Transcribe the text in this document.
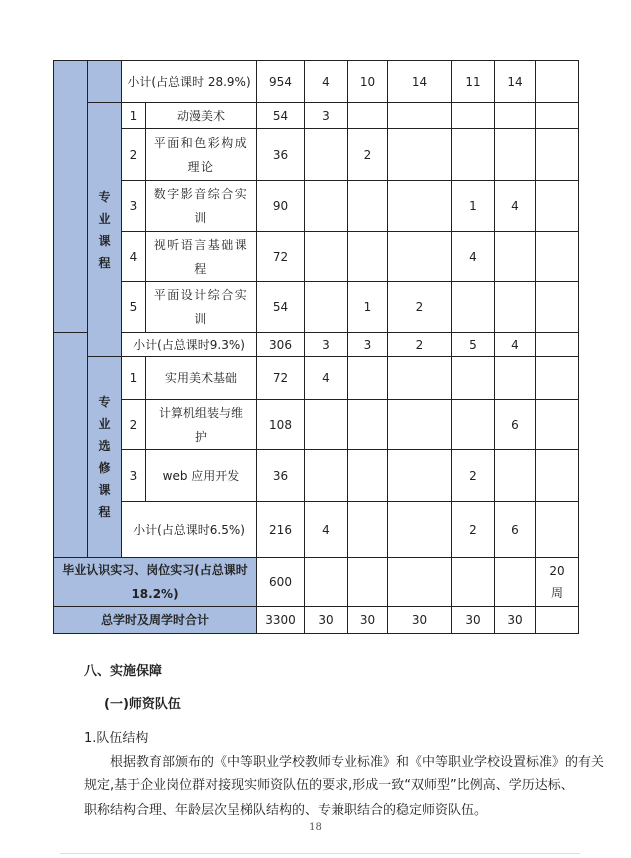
		小计(占总课时 28.9%)		954	4	10	14	11	14	
	专业课程	1	动漫美术	54	3					
		2	平面和色彩构成理论	36		2				
		3	数字影音综合实训	90				1	4	
		4	视听语言基础课程	72				4		
		5	平面设计综合实训	54		1	2			
		小计(占总课时9.3%)		306	3	3	2	5	4	
	专业选修课程	1	实用美术基础	72	4					
		2	计算机组装与维护	108					6	
		3	web 应用开发	36				2		
		小计(占总课时6.5%)		216	4			2	6	
毕业认识实习、岗位实习(占总课时 18.2%)				600						20周
总学时及周学时合计				3300	30	30	30	30	30	
八、实施保障
(一)师资队伍
1.队伍结构
根据教育部颁布的《中等职业学校教师专业标准》和《中等职业学校设置标准》的有关
规定,基于企业岗位群对接现实师资队伍的要求,形成一致“双师型”比例高、学历达标、
职称结构合理、年龄层次呈梯队结构的、专兼职结合的稳定师资队伍。
18
